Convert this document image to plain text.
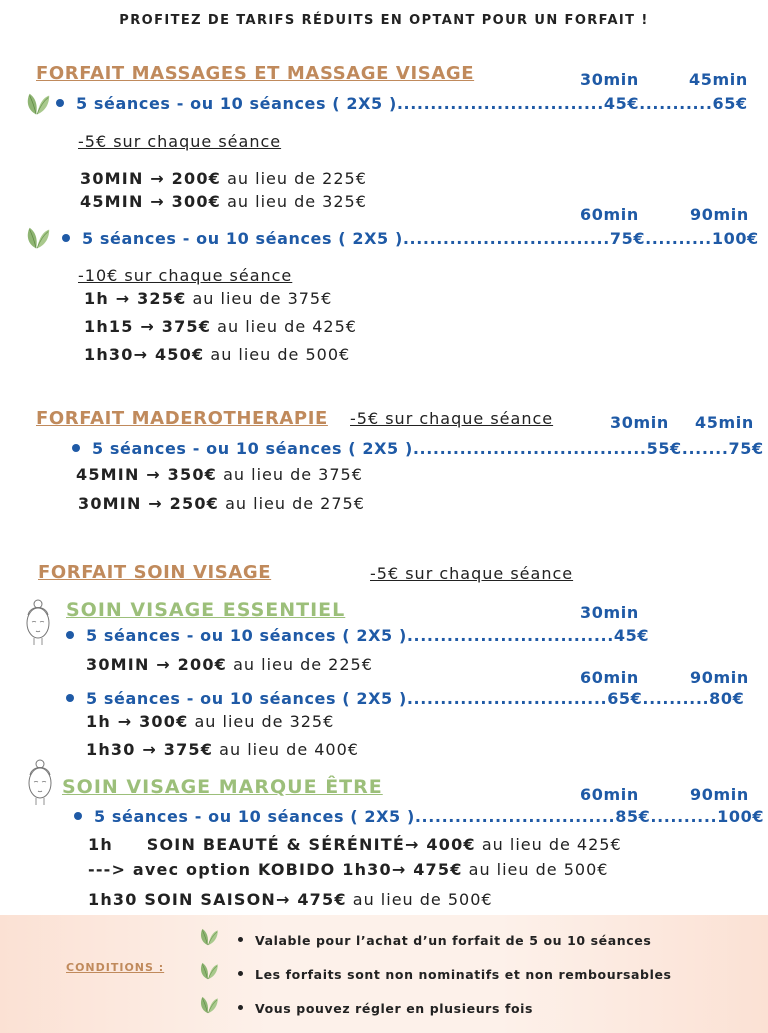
PROFITEZ DE TARIFS RÉDUITS EN OPTANT POUR UN FORFAIT !
FORFAIT MASSAGES ET MASSAGE VISAGE	30min	45min
5 séances - ou 10 séances ( 2X5 )...............................45€...........65€
-5€ sur chaque séance
30MIN → 200€ au lieu de 225€
45MIN → 300€ au lieu de 325€
60min	90min
5 séances - ou 10 séances ( 2X5 )...............................75€..........100€
-10€ sur chaque séance
1h → 325€ au lieu de 375€
1h15 → 375€ au lieu de 425€
1h30→ 450€ au lieu de 500€
FORFAIT MADEROTHERAPIE -5€ sur chaque séance	30min 45min
5 séances - ou 10 séances ( 2X5 )...................................55€.......75€
45MIN → 350€ au lieu de 375€
30MIN → 250€ au lieu de 275€
FORFAIT SOIN VISAGE	-5€ sur chaque séance
SOIN VISAGE ESSENTIEL	30min
5 séances - ou 10 séances ( 2X5 )...............................45€
30MIN → 200€ au lieu de 225€
60min	90min
5 séances - ou 10 séances ( 2X5 )..............................65€..........80€
1h → 300€ au lieu de 325€
1h30 → 375€ au lieu de 400€
SOIN VISAGE MARQUE ÊTRE	60min	90min
5 séances - ou 10 séances ( 2X5 )..............................85€..........100€
1h     SOIN BEAUTÉ & SÉRÉNITÉ→ 400€ au lieu de 425€
---> avec option KOBIDO 1h30→ 475€ au lieu de 500€
1h30 SOIN SAISON→ 475€ au lieu de 500€
CONDITIONS :
Valable pour l’achat d’un forfait de 5 ou 10 séances
Les forfaits sont non nominatifs et non remboursables
Vous pouvez régler en plusieurs fois
